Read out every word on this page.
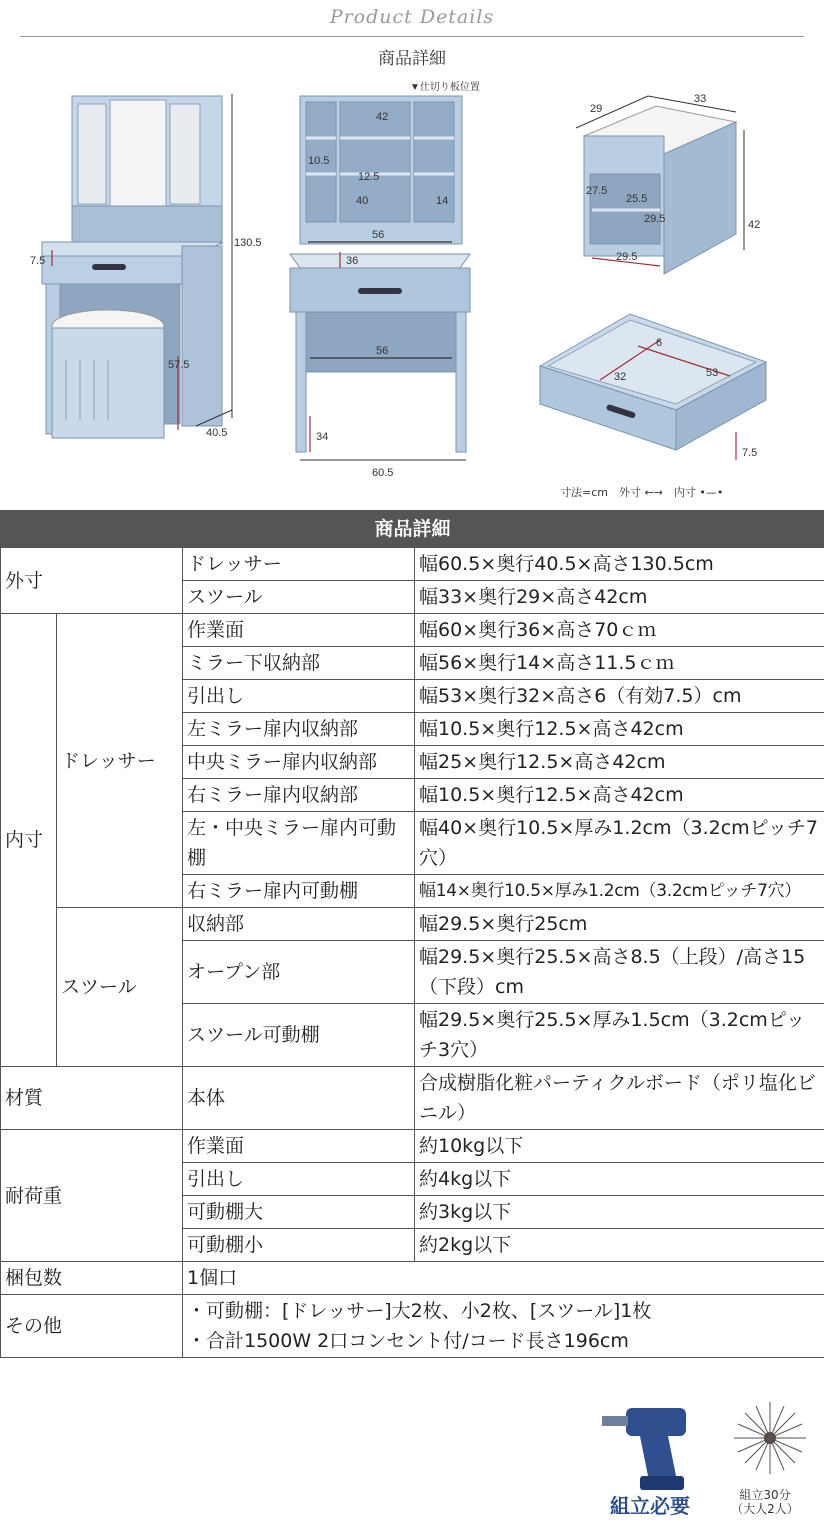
Product Details
商品詳細
130.5
7.5
57.5
40.5
▼仕切り板位置
42
10.5
12.5
40	14
56
36
56
34
60.5
29
33
27.5
25.5
29.5	42
29.5
6
32	53
7.5
寸法=cm　外寸 ←→　内寸 •—•
商品詳細			
外寸		ドレッサー	幅60.5×奥行40.5×高さ130.5cm
		スツール	幅33×奥行29×高さ42cm
内寸	ドレッサー	作業面	幅60×奥行36×高さ70ｃｍ
		ミラー下収納部	幅56×奥行14×高さ11.5ｃｍ
		引出し	幅53×奥行32×高さ6（有効7.5）cm
		左ミラー扉内収納部	幅10.5×奥行12.5×高さ42cm
		中央ミラー扉内収納部	幅25×奥行12.5×高さ42cm
		右ミラー扉内収納部	幅10.5×奥行12.5×高さ42cm
		左・中央ミラー扉内可動棚	幅40×奥行10.5×厚み1.2cm（3.2cmピッチ7穴）
		右ミラー扉内可動棚	幅14×奥行10.5×厚み1.2cm（3.2cmピッチ7穴）
	スツール	収納部	幅29.5×奥行25cm
		オープン部	幅29.5×奥行25.5×高さ8.5（上段）/高さ15（下段）cm
		スツール可動棚	幅29.5×奥行25.5×厚み1.5cm（3.2cmピッチ3穴）
材質		本体	合成樹脂化粧パーティクルボード（ポリ塩化ビニル）
耐荷重		作業面	約10kg以下
		引出し	約4kg以下
		可動棚大	約3kg以下
		可動棚小	約2kg以下
梱包数		1個口	
その他		・可動棚：[ドレッサー]大2枚、小2枚、[スツール]1枚
・合計1500W 2口コンセント付/コード長さ196cm	
組立必要	組立30分
（大人2人）
